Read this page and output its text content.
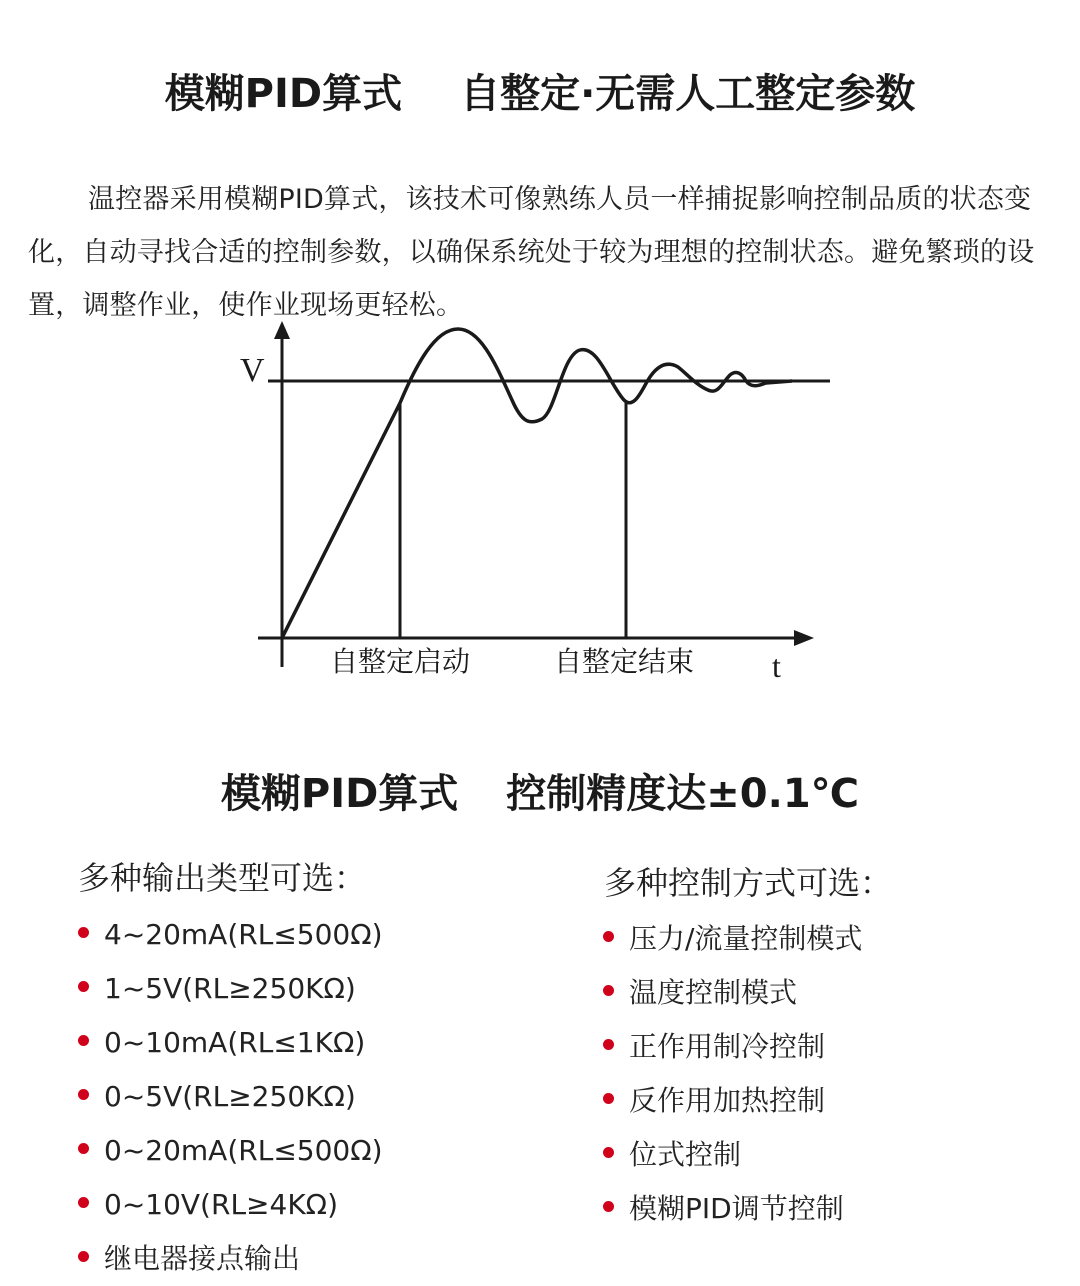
模糊PID算式 自整定·无需人工整定参数

温控器采用模糊PID算式，该技术可像熟练人员一样捕捉影响控制品质的状态变化，自动寻找合适的控制参数，以确保系统处于较为理想的控制状态。避免繁琐的设置，调整作业，使作业现场更轻松。

V
t
自整定启动	自整定结束
模糊PID算式 控制精度达±0.1℃
多种输出类型可选：
4~20mA(RL≤500Ω)
1~5V(RL≥250KΩ)
0~10mA(RL≤1KΩ)
0~5V(RL≥250KΩ)
0~20mA(RL≤500Ω)
0~10V(RL≥4KΩ)
继电器接点输出
多种控制方式可选：
压力/流量控制模式
温度控制模式
正作用制冷控制
反作用加热控制
位式控制
模糊PID调节控制
